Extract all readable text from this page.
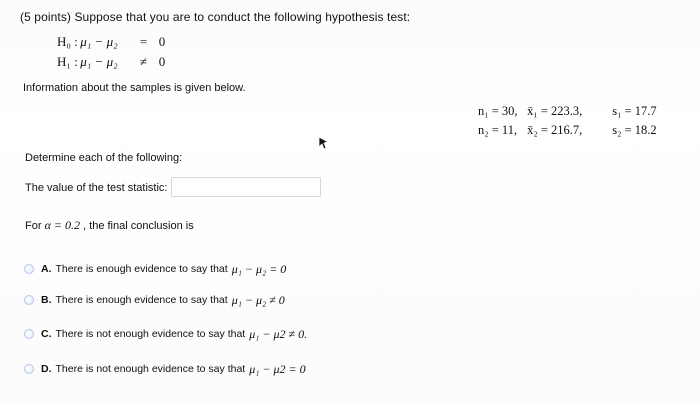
(5 points) Suppose that you are to conduct the following hypothesis test:
H₀ : μ₁ − μ₂ = 0
H₁ : μ₁ − μ₂ ≠ 0
Information about the samples is given below.
n₁ = 30, x̄₁ = 223.3, s₁ = 17.7
n₂ = 11, x̄₂ = 216.7, s₂ = 18.2
Determine each of the following:
The value of the test statistic:
For α = 0.2 , the final conclusion is
A. There is enough evidence to say that μ₁ − μ₂ = 0
B. There is enough evidence to say that μ₁ − μ₂ ≠ 0
C. There is not enough evidence to say that μ₁ − μ2 ≠ 0.
D. There is not enough evidence to say that μ₁ − μ2 = 0
